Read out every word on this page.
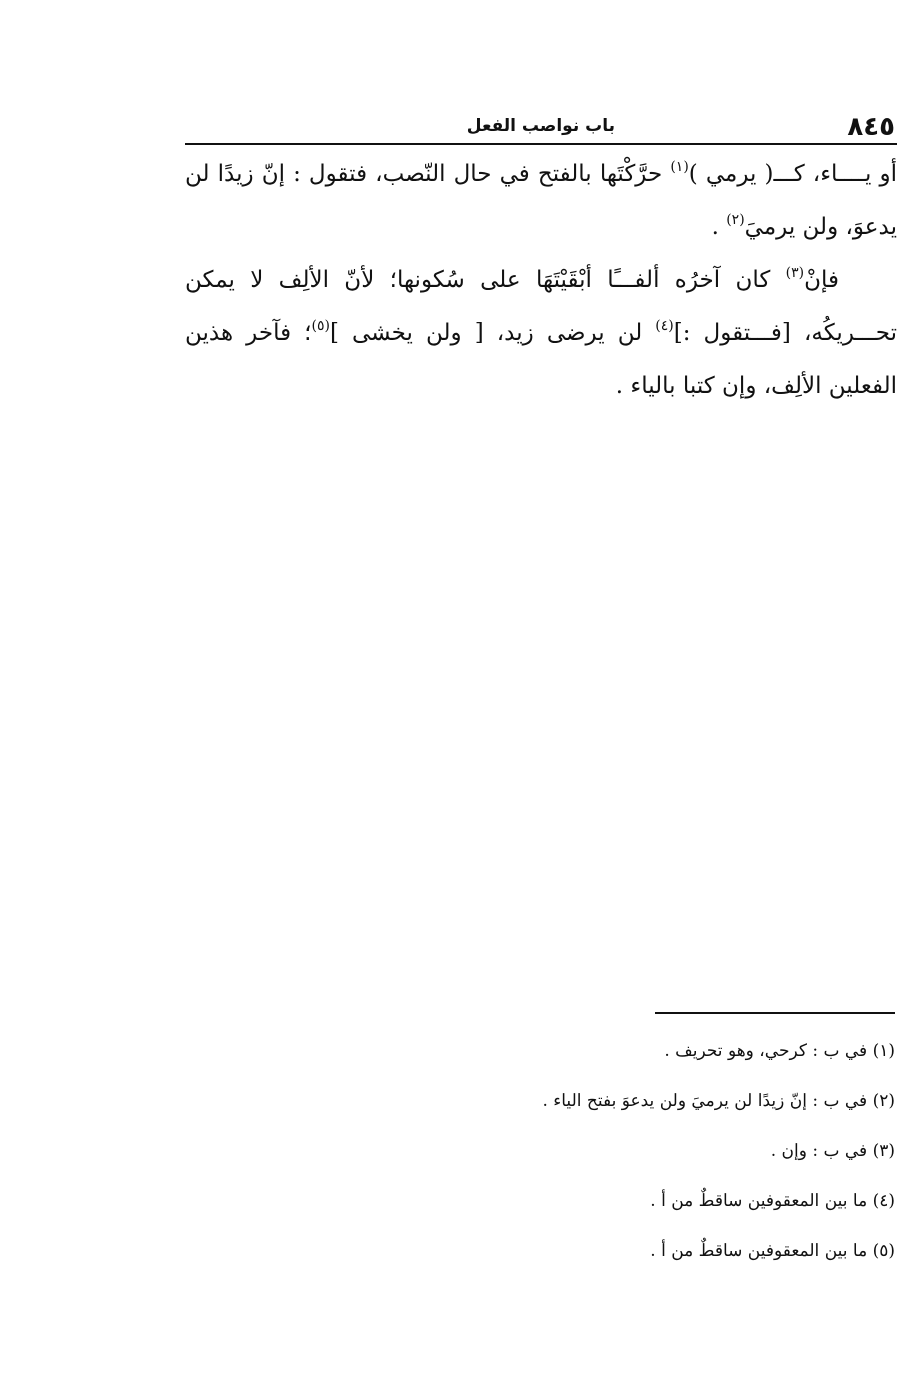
٨٤٥
باب نواصب الفعل

أو يــــاء، كـــ( يرمي )$^{(١)}$ حرَّكْتَها بالفتح في حال النّصب، فتقول : إنّ زيدًا لن يدعوَ، ولن يرميَ$^{(٢)}$ .

فإنْ$^{(٣)}$ كان آخرُه ألفـــًا أبْقَيْتَهَا على سُكونها؛ لأنّ الألِف لا يمكن تحـــريكُه، [فـــتقول :]$^{(٤)}$ لن يرضى زيد، [ ولن يخشى ]$^{(٥)}$؛ فآخر هذين الفعلين الألِف، وإن كتبا بالياء .

(١) في ب : كرحي، وهو تحريف .

(٢) في ب : إنّ زيدًا لن يرميَ ولن يدعوَ بفتح الياء .

(٣) في ب : وإن .

(٤) ما بين المعقوفين ساقطٌ من أ .

(٥) ما بين المعقوفين ساقطٌ من أ .
